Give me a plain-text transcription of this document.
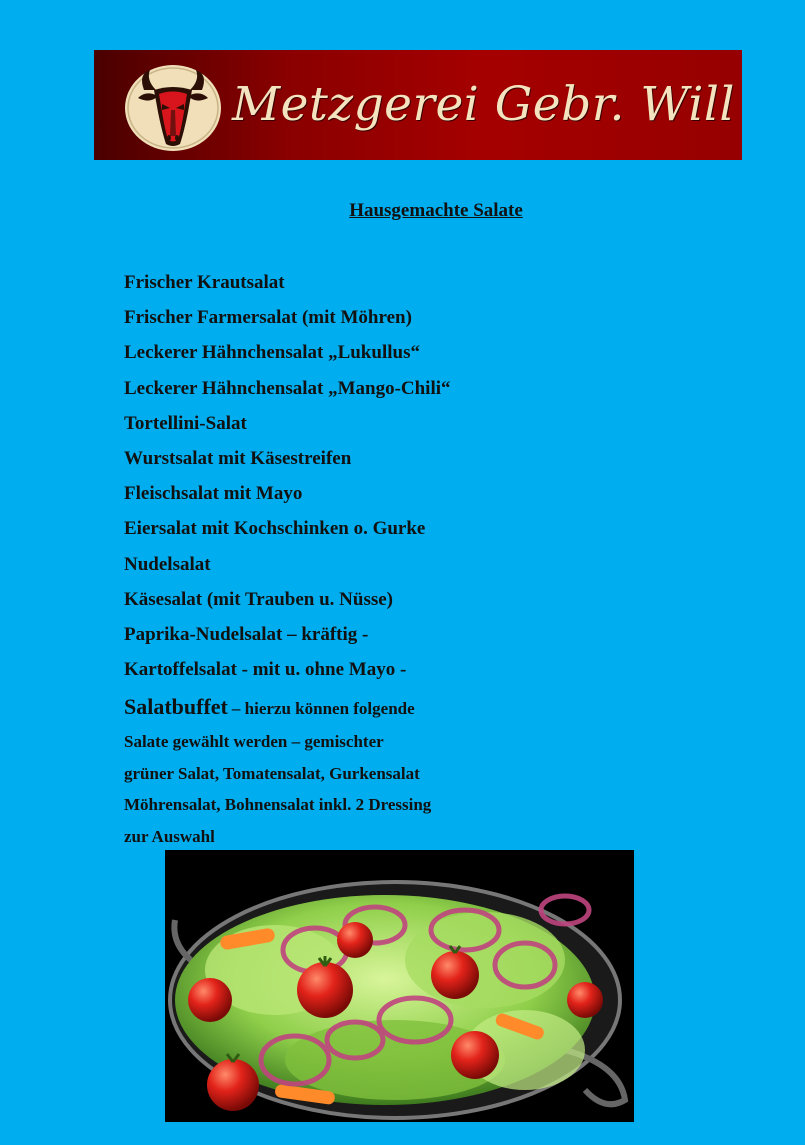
Metzgerei Gebr. Will
Hausgemachte Salate
Frischer Krautsalat
Frischer Farmersalat (mit Möhren)
Leckerer Hähnchensalat „Lukullus“
Leckerer Hähnchensalat „Mango-Chili“
Tortellini-Salat
Wurstsalat mit Käsestreifen
Fleischsalat mit Mayo
Eiersalat mit Kochschinken o. Gurke
Nudelsalat
Käsesalat (mit Trauben u. Nüsse)
Paprika-Nudelsalat – kräftig -
Kartoffelsalat - mit u. ohne Mayo -
Salatbuffet – hierzu können folgende
Salate gewählt werden – gemischter
grüner Salat, Tomatensalat, Gurkensalat
Möhrensalat, Bohnensalat inkl. 2 Dressing
zur Auswahl
